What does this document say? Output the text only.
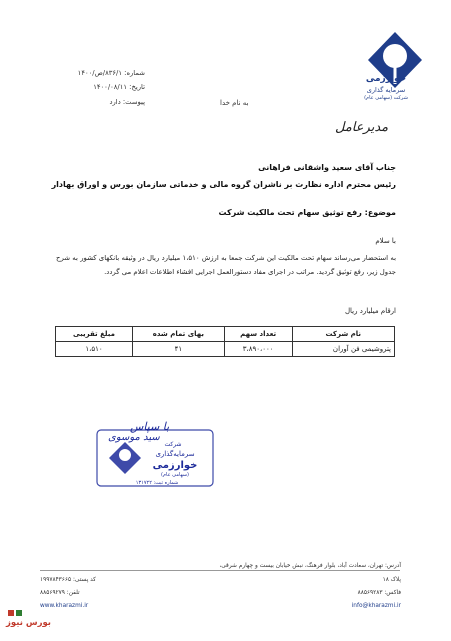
خوارزمی
سرمایه گذاری
شرکت (سهامی عام)
شماره: ۸۳۶/۱/ص/۱۴۰۰
تاریخ: ۱۴۰۰/۰۸/۱۱
پیوست: دارد	به نام خدا
مدیرعامل
جناب آقای سعید واشقانی فراهانی
رئیس محترم اداره نظارت بر ناشران گروه مالی و خدماتی سازمان بورس و اوراق بهادار
موضوع: رفع توثیق سهام تحت مالکیت شرکت
با سلام
به استحضار می‌رساند سهام تحت مالکیت این شرکت جمعا به ارزش ۱،۵۱۰ میلیارد ریال در وثیقه بانکهای کشور به شرح جدول زیر، رفع توثیق گردید. مراتب در اجرای مفاد دستورالعمل اجرایی افشاء اطلاعات اعلام می گردد.
ارقام میلیارد ریال
نام شرکت	تعداد سهم	بهای تمام شده	مبلغ تقریبی
پتروشیمی فن آوران	۳،۸۹۰،۰۰۰	۴۱	۱،۵۱۰
شرکت
سرمایه‌گذاری
خوارزمی
(سهامی عام)
شماره ثبت: ۱۳۱۷۲۲
با سپاس
سید موسوی
آدرس: تهران، سعادت آباد، بلوار فرهنگ، نبش خیابان بیست و چهارم شرقی،
پلاک ۱۸
کد پستی: ۱۹۹۷۸۴۳۶۶۵
فاکس: ۸۸۵۶۹۲۸۳
تلفن: ۸۸۵۶۹۲۷۹
info@kharazmi.ir
www.kharazmi.ir
بورس نیوز
